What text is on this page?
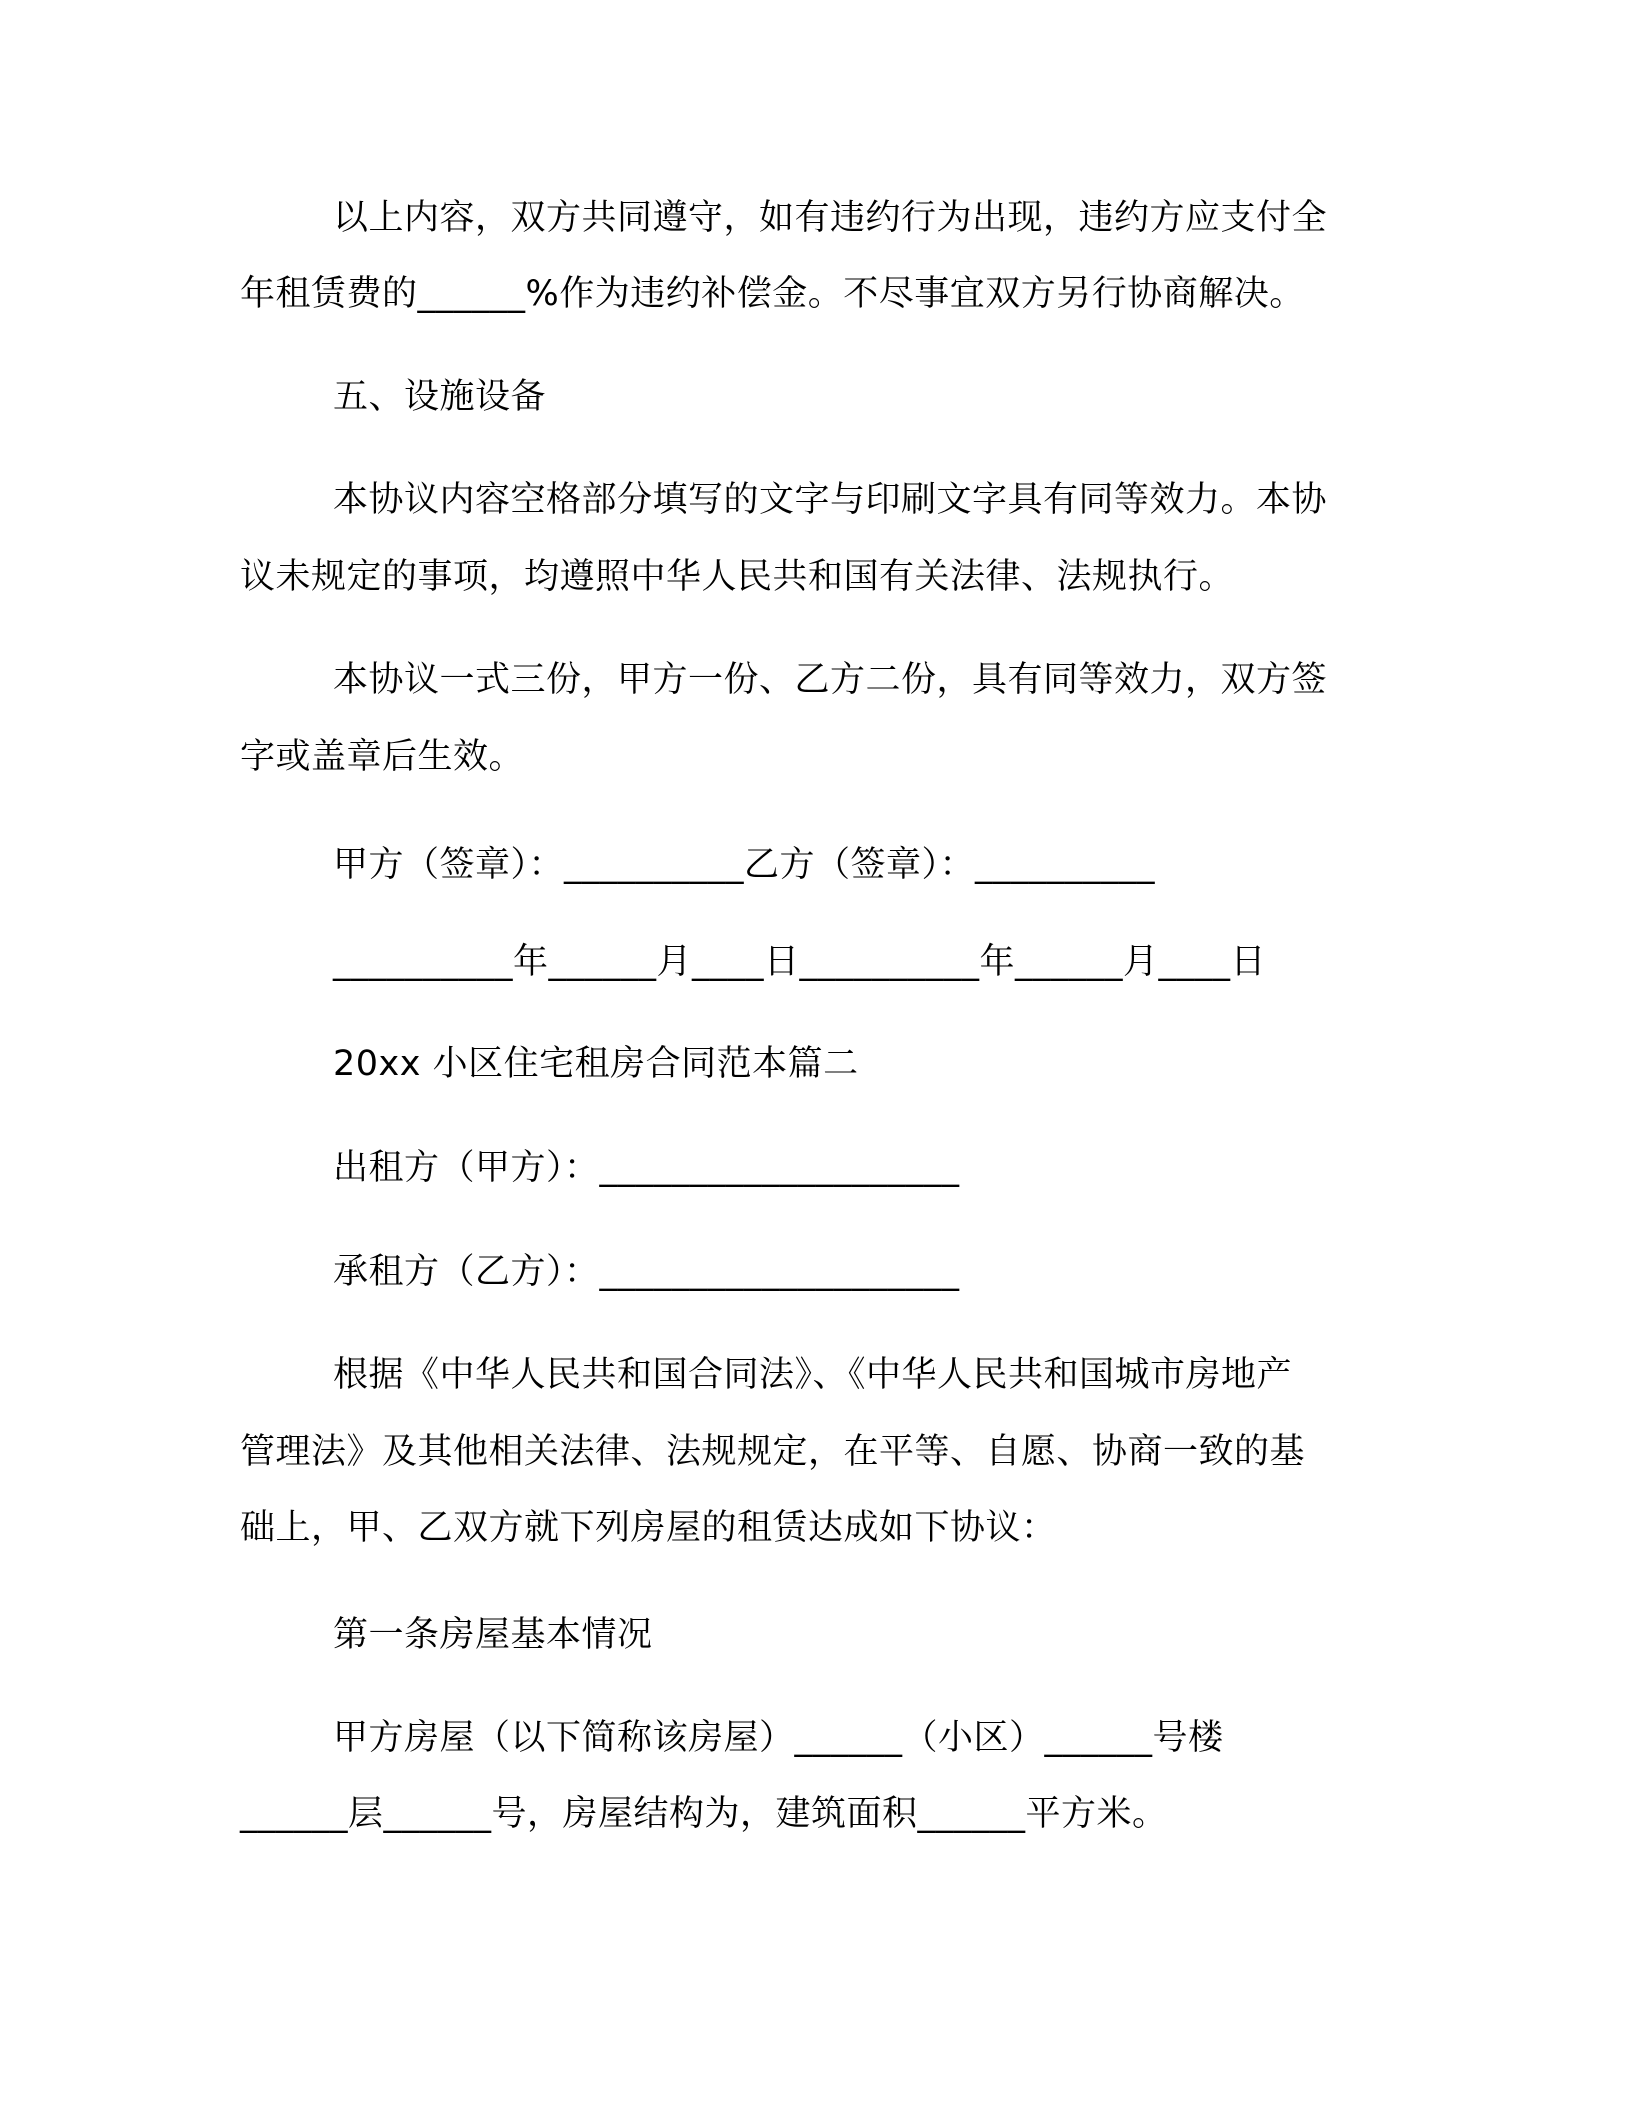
以上内容，双方共同遵守，如有违约行为出现，违约方应支付全
年租赁费的______%作为违约补偿金。不尽事宜双方另行协商解决。
五、设施设备
本协议内容空格部分填写的文字与印刷文字具有同等效力。本协
议未规定的事项，均遵照中华人民共和国有关法律、法规执行。
本协议一式三份，甲方一份、乙方二份，具有同等效力，双方签
字或盖章后生效。
甲方（签章）：__________乙方（签章）：__________
__________年______月____日__________年______月____日
20xx 小区住宅租房合同范本篇二
出租方（甲方）：____________________
承租方（乙方）：____________________
根据《中华人民共和国合同法》、《中华人民共和国城市房地产
管理法》及其他相关法律、法规规定，在平等、自愿、协商一致的基
础上，甲、乙双方就下列房屋的租赁达成如下协议：
第一条房屋基本情况
甲方房屋（以下简称该房屋）______（小区）______号楼
______层______号，房屋结构为，建筑面积______平方米。
